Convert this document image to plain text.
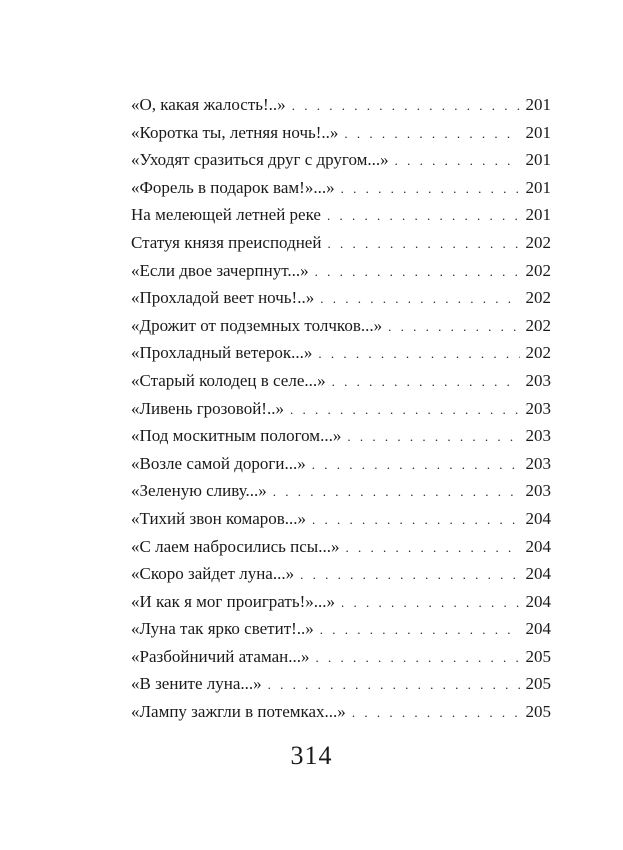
«О, какая жалость!..» . . .	201
«Коротка ты, летняя ночь!..» . . .	201
«Уходят сразиться друг с другом...» . . .	201
«Форель в подарок вам!»...» . . .	201
На мелеющей летней реке . . .	201
Статуя князя преисподней . . .	202
«Если двое зачерпнут...» . . .	202
«Прохладой веет ночь!..» . . .	202
«Дрожит от подземных толчков...» . . .	202
«Прохладный ветерок...» . . .	202
«Старый колодец в селе...» . . .	203
«Ливень грозовой!..» . . .	203
«Под москитным пологом...» . . .	203
«Возле самой дороги...» . . .	203
«Зеленую сливу...» . . .	203
«Тихий звон комаров...» . . .	204
«С лаем набросились псы...» . . .	204
«Скоро зайдет луна...» . . .	204
«И как я мог проиграть!»...» . . .	204
«Луна так ярко светит!..» . . .	204
«Разбойничий атаман...» . . .	205
«В зените луна...» . . .	205
«Лампу зажгли в потемках...» . . .	205
314
